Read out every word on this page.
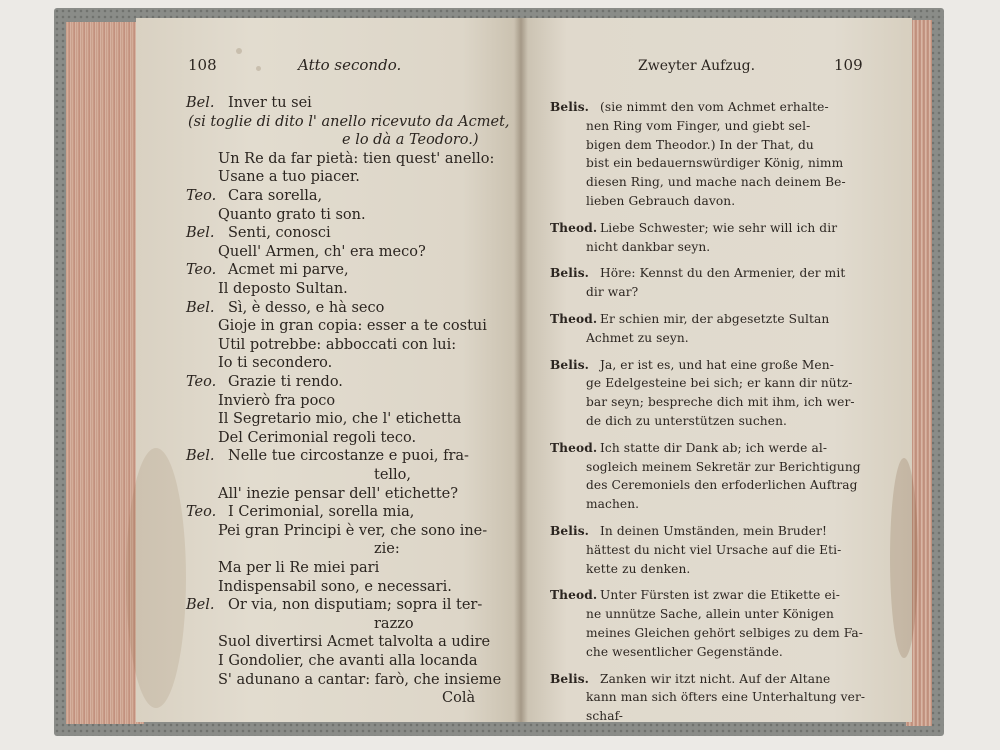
108	Atto secondo.
Bel. Inver tu sei
(si toglie di dito l' anello ricevuto da Acmet,
e lo dà a Teodoro.)
Un Re da far pietà: tien quest' anello:
Usane a tuo piacer.
Teo. Cara sorella,
Quanto grato ti son.
Bel. Senti, conosci
Quell' Armen, ch' era meco?
Teo. Acmet mi parve,
Il deposto Sultan.
Bel. Sì, è desso, e hà seco
Gioje in gran copia: esser a te costui
Util potrebbe: abboccati con lui:
Io ti secondero.
Teo. Grazie ti rendo.
Invierò fra poco
Il Segretario mio, che l' etichetta
Del Cerimonial regoli teco.
Bel. Nelle tue circostanze e puoi, fra-
tello,
All' inezie pensar dell' etichette?
Teo. I Cerimonial, sorella mia,
Pei gran Principi è ver, che sono ine-
zie:
Ma per li Re miei pari
Indispensabil sono, e necessari.
Bel. Or via, non disputiam; sopra il ter-
razzo
Suol divertirsi Acmet talvolta a udire
I Gondolier, che avanti alla locanda
S' adunano a cantar: farò, che insieme
Colà
Zweyter Aufzug.	109
Belis. (sie nimmt den vom Achmet erhalte-
nen Ring vom Finger, und giebt sel-
bigen dem Theodor.) In der That, du
bist ein bedauernswürdiger König, nimm
diesen Ring, und mache nach deinem Be-
lieben Gebrauch davon.
Theod. Liebe Schwester; wie sehr will ich dir
nicht dankbar seyn.
Belis. Höre: Kennst du den Armenier, der mit
dir war?
Theod. Er schien mir, der abgesetzte Sultan
Achmet zu seyn.
Belis. Ja, er ist es, und hat eine große Men-
ge Edelgesteine bei sich; er kann dir nütz-
bar seyn; bespreche dich mit ihm, ich wer-
de dich zu unterstützen suchen.
Theod. Ich statte dir Dank ab; ich werde al-
sogleich meinem Sekretär zur Berichtigung
des Ceremoniels den erfoderlichen Auftrag
machen.
Belis. In deinen Umständen, mein Bruder!
hättest du nicht viel Ursache auf die Eti-
kette zu denken.
Theod. Unter Fürsten ist zwar die Etikette ei-
ne unnütze Sache, allein unter Königen
meines Gleichen gehört selbiges zu dem Fa-
che wesentlicher Gegenstände.
Belis. Zanken wir itzt nicht. Auf der Altane
kann man sich öfters eine Unterhaltung ver-
schaf-
